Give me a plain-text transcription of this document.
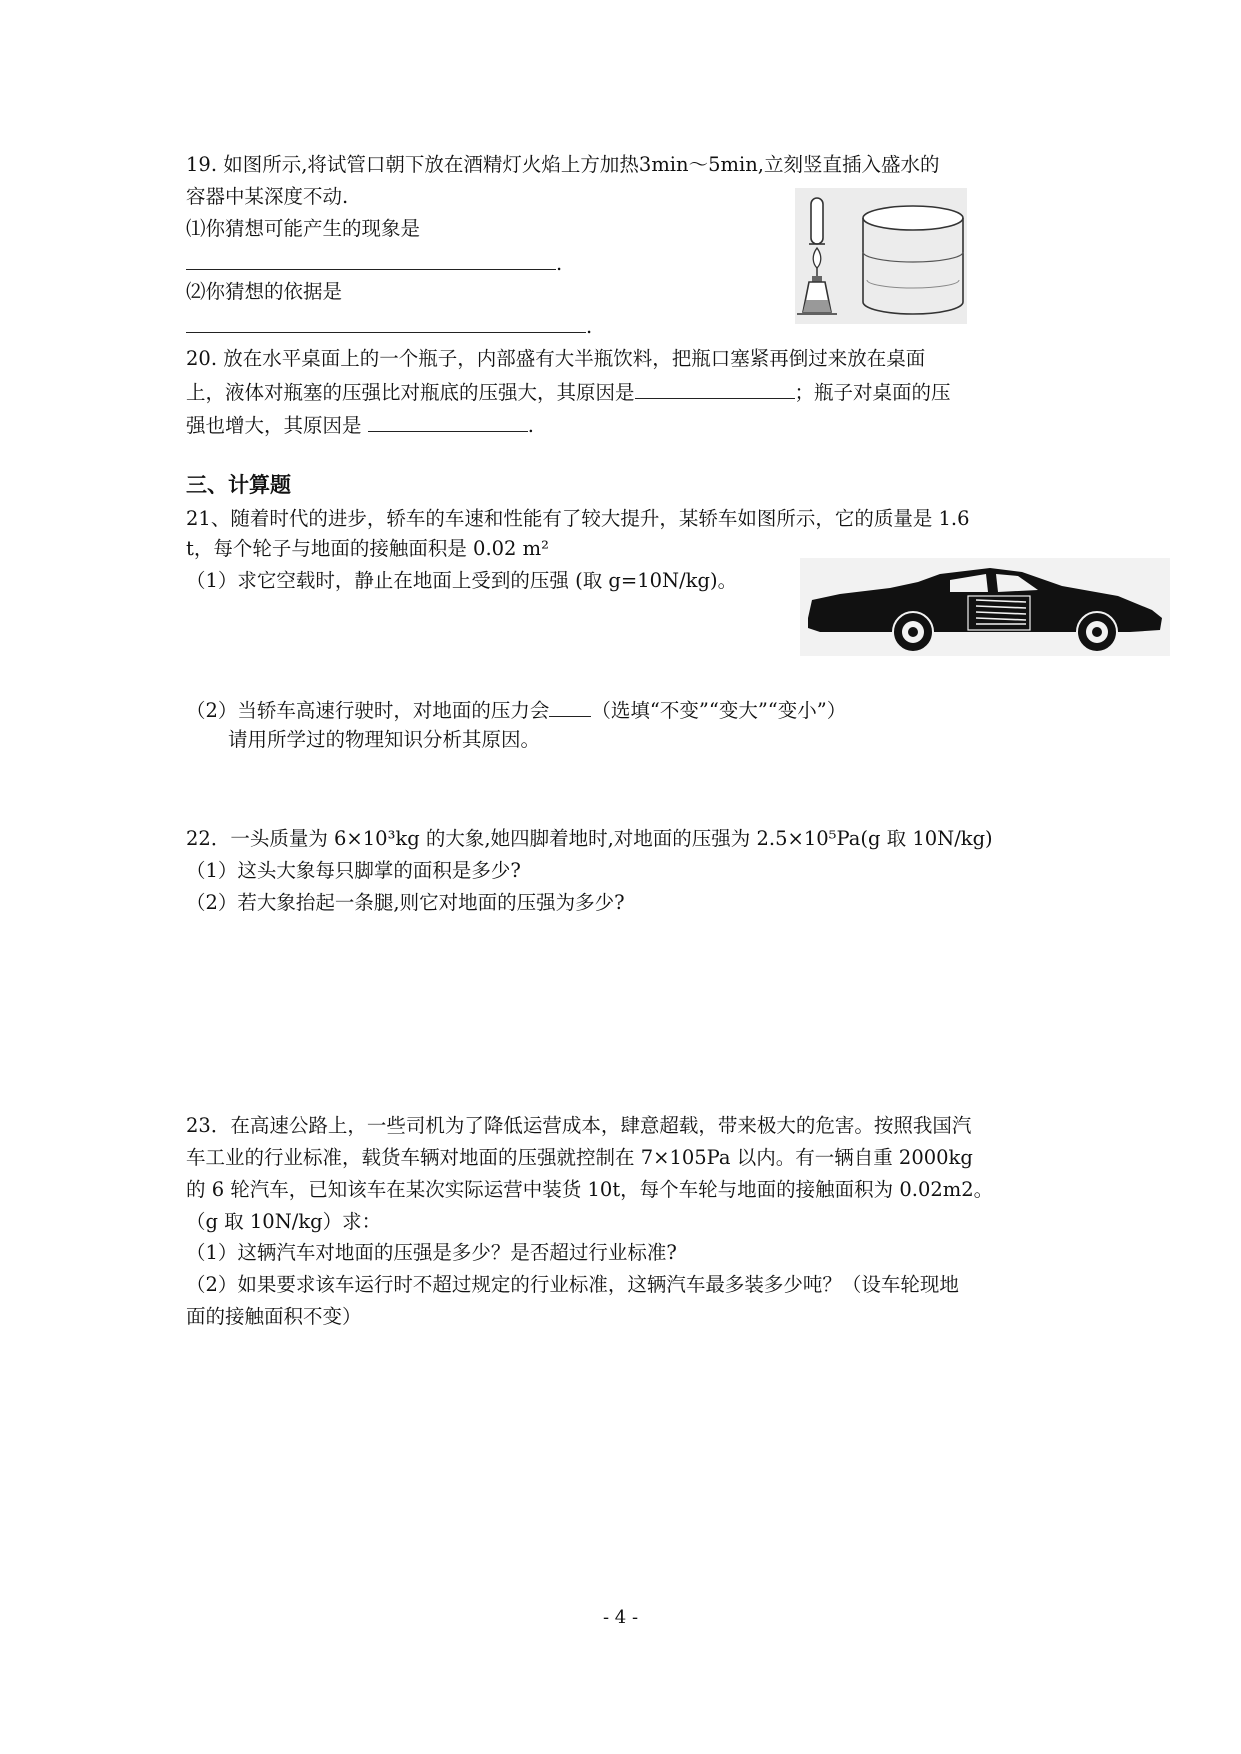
19. 如图所示,将试管口朝下放在酒精灯火焰上方加热3min～5min,立刻竖直插入盛水的
容器中某深度不动.
⑴你猜想可能产生的现象是
.
⑵你猜想的依据是
.
20. 放在水平桌面上的一个瓶子，内部盛有大半瓶饮料，把瓶口塞紧再倒过来放在桌面
上，液体对瓶塞的压强比对瓶底的压强大，其原因是	；瓶子对桌面的压
强也增大，其原因是	.
三、计算题
21、随着时代的进步，轿车的车速和性能有了较大提升，某轿车如图所示，它的质量是 1.6
t，每个轮子与地面的接触面积是 0.02 m²
（1）求它空载时，静止在地面上受到的压强 (取 g=10N/kg)。
（2）当轿车高速行驶时，对地面的压力会 （选填“不变”“变大”“变小”）
请用所学过的物理知识分析其原因。
22．一头质量为 6×10³kg 的大象,她四脚着地时,对地面的压强为 2.5×10⁵Pa(g 取 10N/kg)
（1）这头大象每只脚掌的面积是多少?
（2）若大象抬起一条腿,则它对地面的压强为多少?
23．在高速公路上，一些司机为了降低运营成本，肆意超载，带来极大的危害。按照我国汽
车工业的行业标准，载货车辆对地面的压强就控制在 7×105Pa 以内。有一辆自重 2000kg
的 6 轮汽车，已知该车在某次实际运营中装货 10t，每个车轮与地面的接触面积为 0.02m2。
（g 取 10N/kg）求：
（1）这辆汽车对地面的压强是多少？是否超过行业标准?
（2）如果要求该车运行时不超过规定的行业标准，这辆汽车最多装多少吨？（设车轮现地
面的接触面积不变）
- 4 -
